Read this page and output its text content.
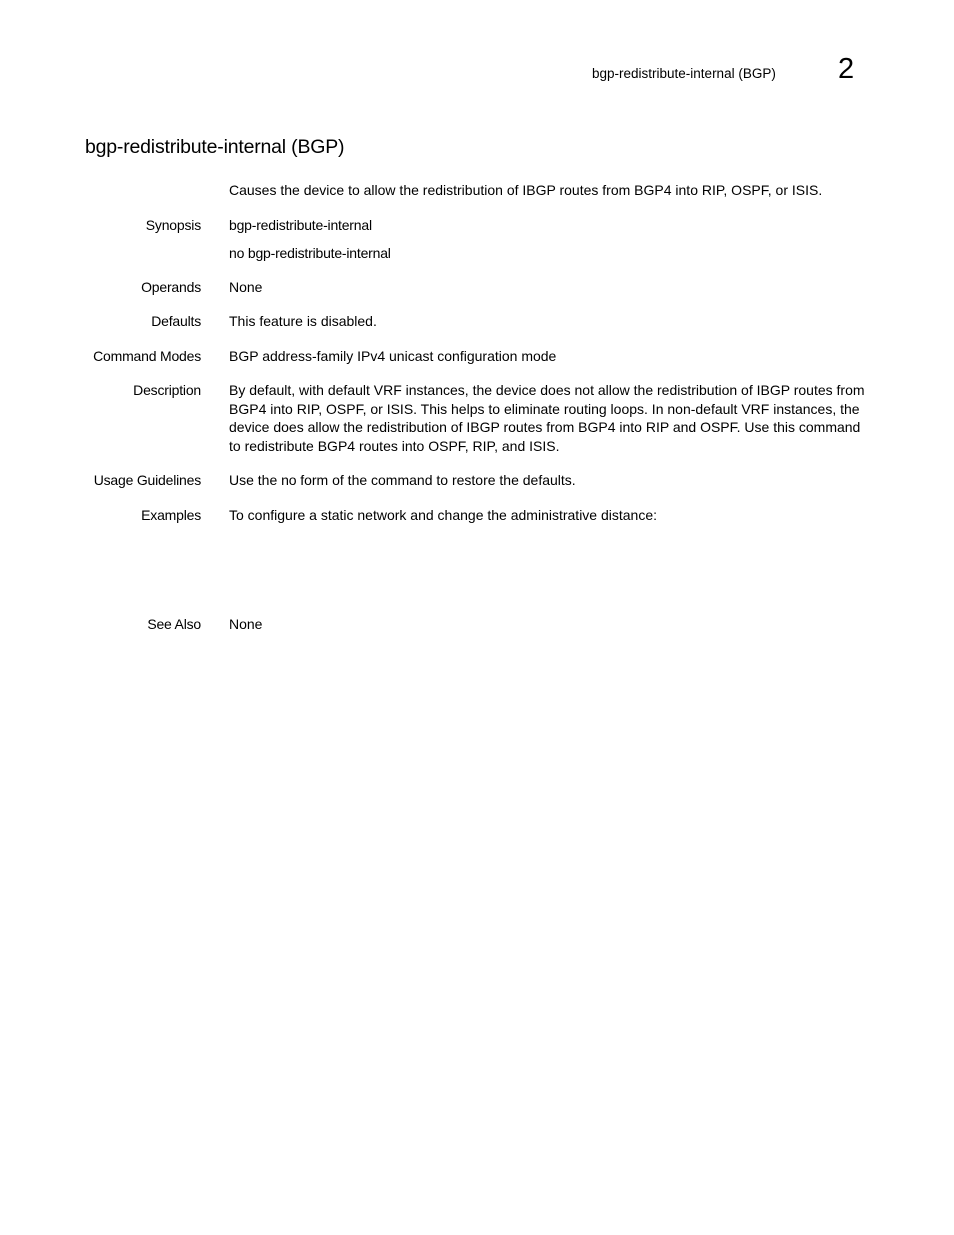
bgp-redistribute-internal (BGP) 2
bgp-redistribute-internal (BGP)
Causes the device to allow the redistribution of IBGP routes from BGP4 into RIP, OSPF, or ISIS.
Synopsis bgp-redistribute-internal
no bgp-redistribute-internal
Operands None
Defaults This feature is disabled.
Command Modes BGP address-family IPv4 unicast configuration mode
Description By default, with default VRF instances, the device does not allow the redistribution of IBGP routes from BGP4 into RIP, OSPF, or ISIS. This helps to eliminate routing loops. In non-default VRF instances, the device does allow the redistribution of IBGP routes from BGP4 into RIP and OSPF. Use this command to redistribute BGP4 routes into OSPF, RIP, and ISIS.
Usage Guidelines Use the no form of the command to restore the defaults.
Examples To configure a static network and change the administrative distance:
See Also None
